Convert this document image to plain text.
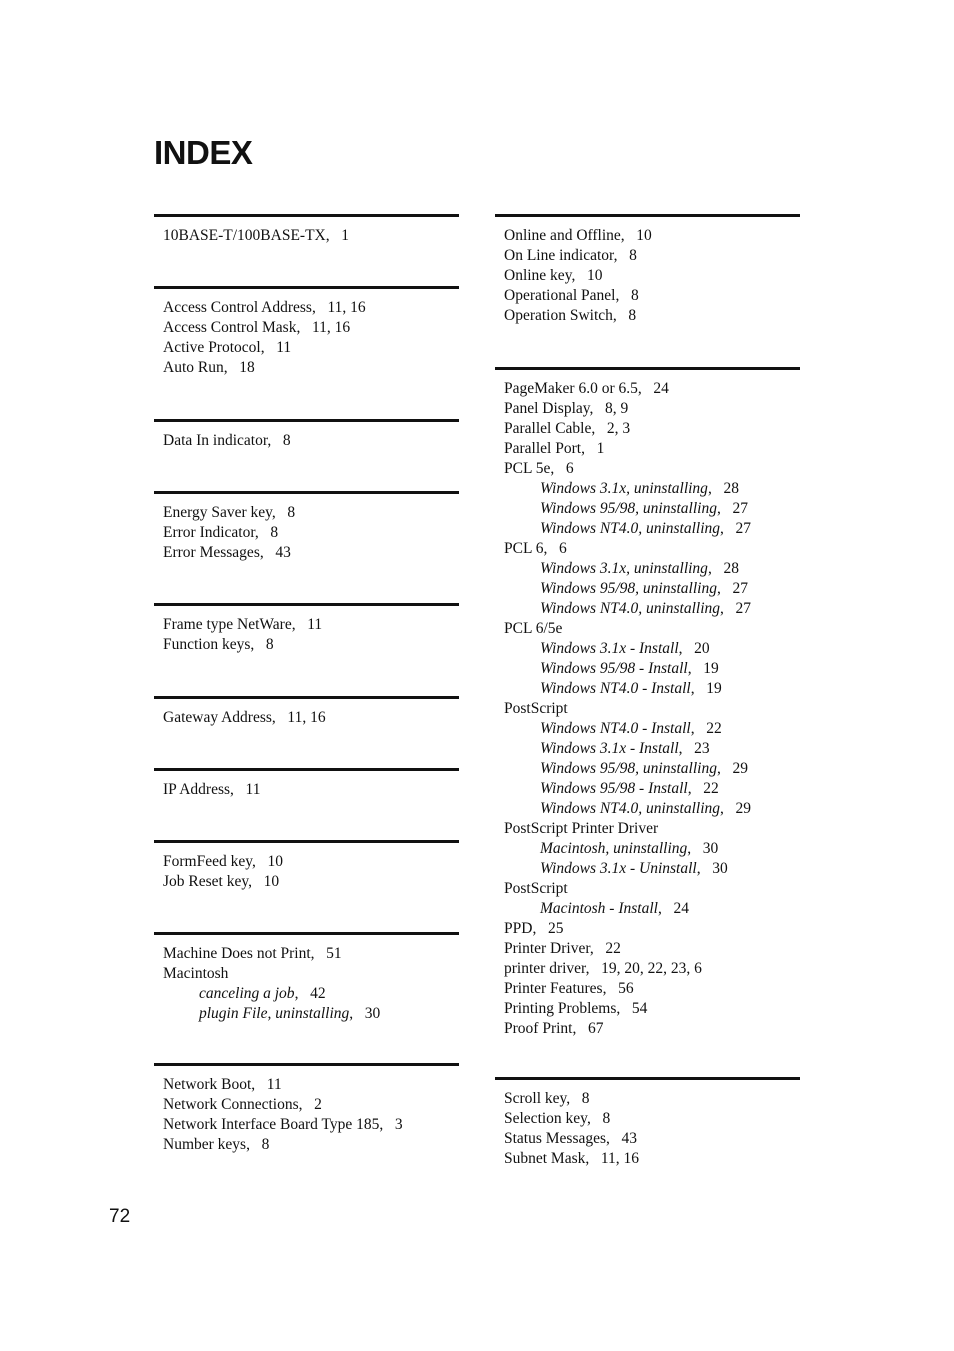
INDEX
10BASE-T/100BASE-TX ,   1
Access Control Address ,   11, 16
Access Control Mask ,   11, 16
Active Protocol ,   11
Auto Run ,   18
Data In indicator ,   8
Energy Saver key ,   8
Error Indicator ,   8
Error Messages ,   43
Frame type NetWare ,   11
Function keys ,   8
Gateway Address ,   11, 16
IP Address ,   11
FormFeed key ,   10
Job Reset key ,   10
Machine Does not Print ,   51
Macintosh
canceling a job ,   42
plugin File, uninstalling ,   30
Network Boot ,   11
Network Connections ,   2
Network Interface Board Type 185 ,   3
Number keys ,   8
Online and Offline ,   10
On Line indicator ,   8
Online key ,   10
Operational Panel ,   8
Operation Switch ,   8
PageMaker 6.0 or 6.5 ,   24
Panel Display ,   8, 9
Parallel Cable ,   2, 3
Parallel Port ,   1
PCL 5e ,   6
Windows 3.1x, uninstalling ,   28
Windows 95/98, uninstalling ,   27
Windows NT4.0, uninstalling ,   27
PCL 6 ,   6
Windows 3.1x, uninstalling ,   28
Windows 95/98, uninstalling ,   27
Windows NT4.0, uninstalling ,   27
PCL 6/5e
Windows 3.1x - Install ,   20
Windows 95/98 - Install ,   19
Windows NT4.0 - Install ,   19
PostScript
Windows NT4.0 - Install ,   22
Windows 3.1x - Install ,   23
Windows 95/98, uninstalling ,   29
Windows 95/98 - Install ,   22
Windows NT4.0, uninstalling ,   29
PostScript Printer Driver
Macintosh, uninstalling ,   30
Windows 3.1x - Uninstall ,   30
PostScript
Macintosh - Install ,   24
PPD ,   25
Printer Driver ,   22
printer driver ,   19, 20, 22, 23, 6
Printer Features ,   56
Printing Problems ,   54
Proof Print ,   67
Scroll key ,   8
Selection key ,   8
Status Messages ,   43
Subnet Mask ,   11, 16

72
